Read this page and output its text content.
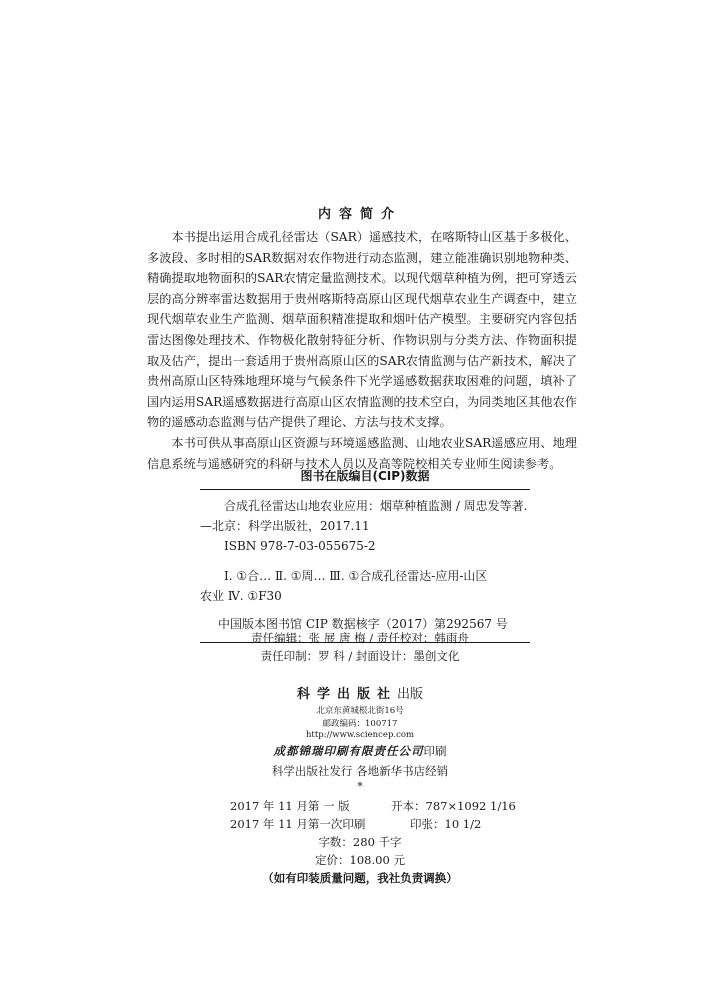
内容简介

本书提出运用合成孔径雷达（SAR）遥感技术，在喀斯特山区基于多极化、多波段、多时相的SAR数据对农作物进行动态监测，建立能准确识别地物种类、精确提取地物面积的SAR农情定量监测技术。以现代烟草种植为例，把可穿透云层的高分辨率雷达数据用于贵州喀斯特高原山区现代烟草农业生产调查中，建立现代烟草农业生产监测、烟草面积精准提取和烟叶估产模型。主要研究内容包括雷达图像处理技术、作物极化散射特征分析、作物识别与分类方法、作物面积提取及估产，提出一套适用于贵州高原山区的SAR农情监测与估产新技术，解决了贵州高原山区特殊地理环境与气候条件下光学遥感数据获取困难的问题，填补了国内运用SAR遥感数据进行高原山区农情监测的技术空白，为同类地区其他农作物的遥感动态监测与估产提供了理论、方法与技术支撑。

本书可供从事高原山区资源与环境遥感监测、山地农业SAR遥感应用、地理信息系统与遥感研究的科研与技术人员以及高等院校相关专业师生阅读参考。

图书在版编目(CIP)数据
合成孔径雷达山地农业应用：烟草种植监测 / 周忠发等著.
—北京：科学出版社，2017.11
ISBN 978-7-03-055675-2
Ⅰ. ①合… Ⅱ. ①周… Ⅲ. ①合成孔径雷达-应用-山区
农业 Ⅳ. ①F30
中国版本图书馆 CIP 数据核字（2017）第292567 号
责任编辑：张 展 唐 梅 / 责任校对：韩雨舟
责任印制：罗 科 / 封面设计：墨创文化
科学出版社出版
北京东黄城根北街16号
邮政编码：100717
http://www.sciencep.com
成都锦瑞印刷有限责任公司印刷
科学出版社发行 各地新华书店经销
*
2017 年 11 月第 一 版	开本：787×1092 1/16
2017 年 11 月第一次印刷	印张：10 1/2
字数：280 千字
定价：108.00 元
（如有印装质量问题，我社负责调换）
